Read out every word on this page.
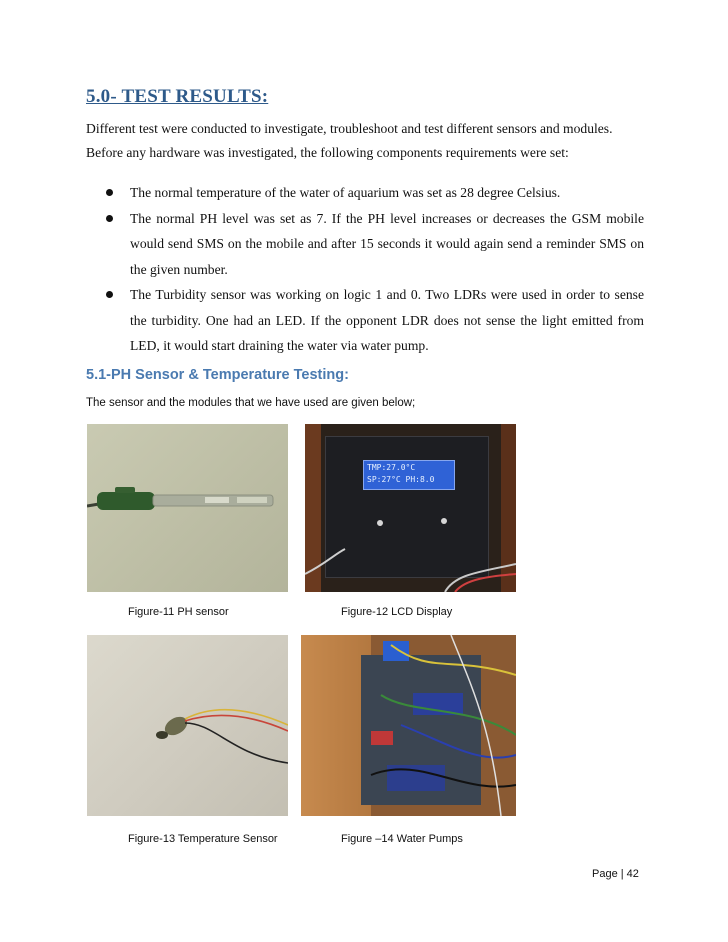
5.0- TEST RESULTS:
Different test were conducted to investigate, troubleshoot and test different sensors and modules.
Before any hardware was investigated, the following components requirements were set:
The normal temperature of the water of aquarium was set as 28 degree Celsius.
The normal PH level was set as 7. If the PH level increases or decreases the GSM mobile would send SMS on the mobile and after 15 seconds it would again send a reminder SMS on the given number.
The Turbidity sensor was working on logic 1 and 0. Two LDRs were used in order to sense the turbidity. One had an LED. If the opponent LDR does not sense the light emitted from LED, it would start draining the water via water pump.
5.1-PH Sensor & Temperature Testing:
The sensor and the modules that we have used are given below;
TMP:27.0°C
SP:27°C PH:8.0
Figure-11 PH sensor	Figure-12 LCD Display
Figure-13 Temperature Sensor	Figure –14 Water Pumps
Page | 42
